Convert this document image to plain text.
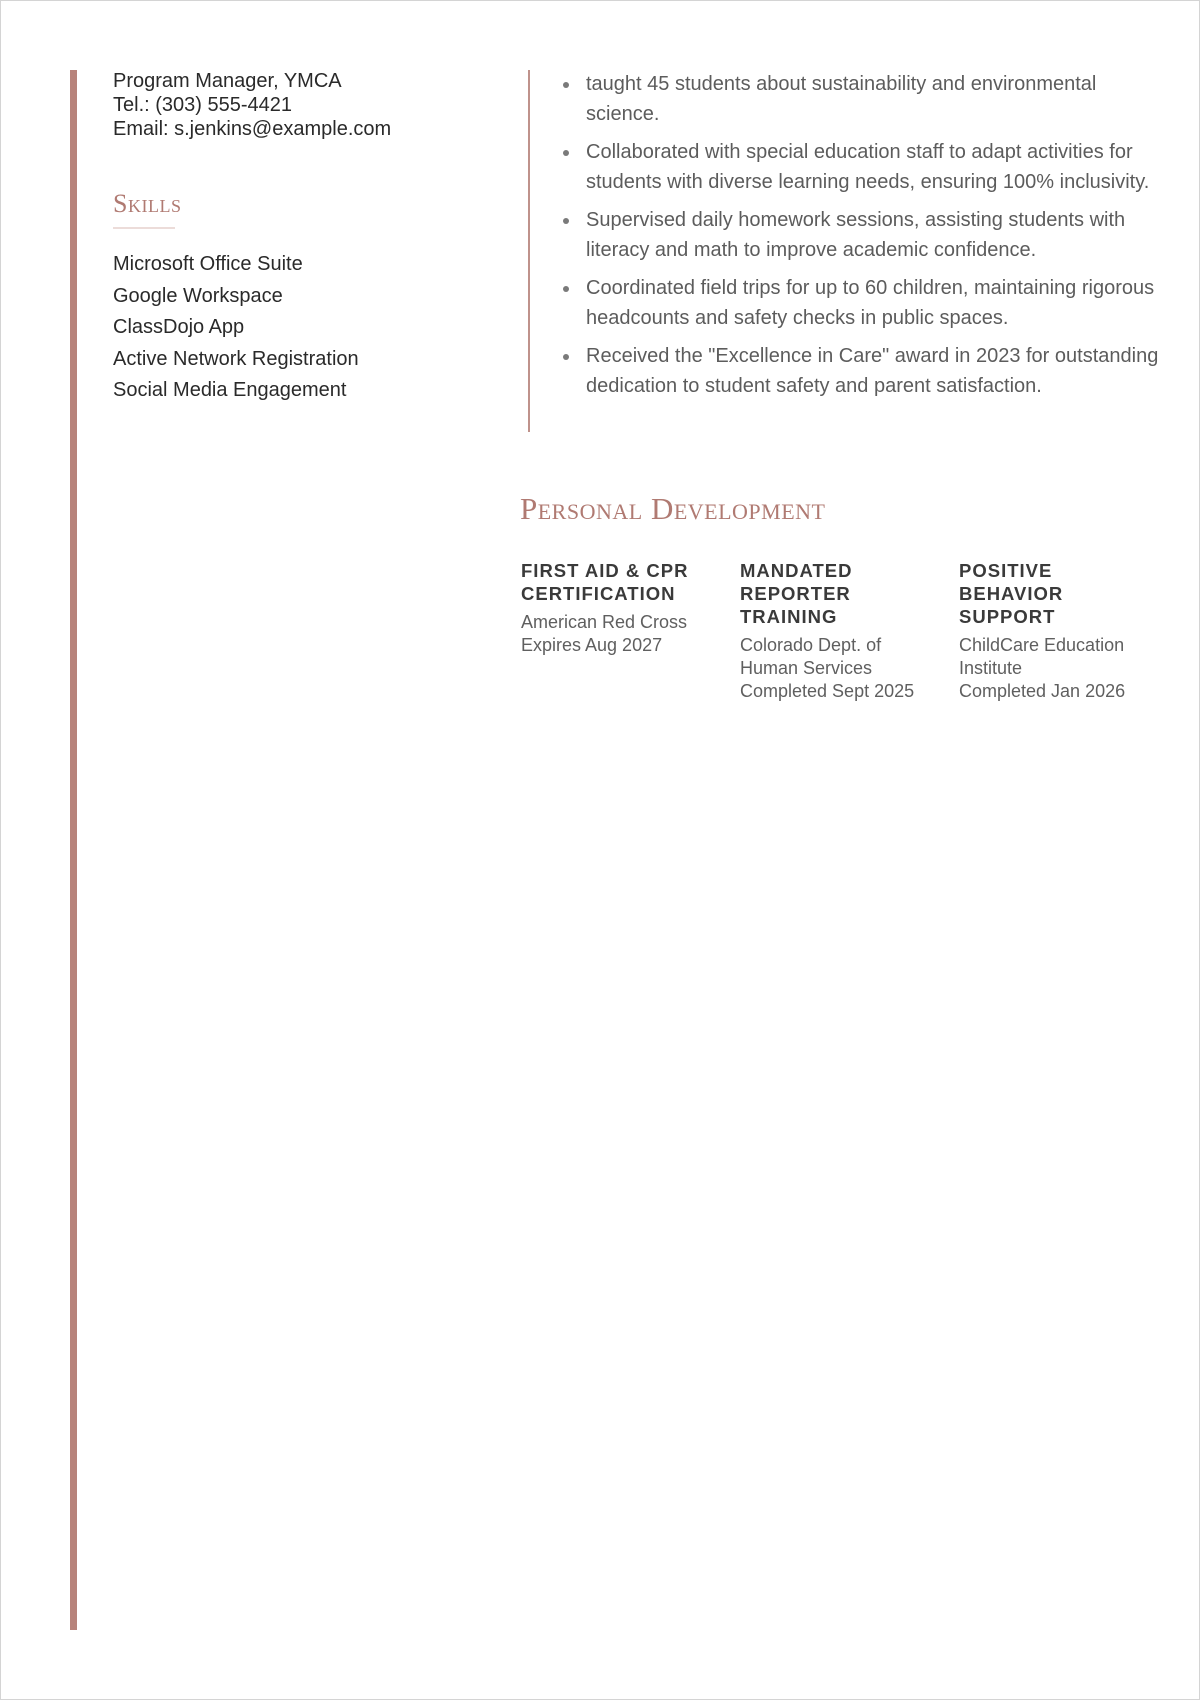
Program Manager, YMCA
Tel.: (303) 555-4421
Email: s.jenkins@example.com
Skills
Microsoft Office Suite
Google Workspace
ClassDojo App
Active Network Registration
Social Media Engagement
taught 45 students about sustainability and environmental science.
Collaborated with special education staff to adapt activities for students with diverse learning needs, ensuring 100% inclusivity.
Supervised daily homework sessions, assisting students with literacy and math to improve academic confidence.
Coordinated field trips for up to 60 children, maintaining rigorous headcounts and safety checks in public spaces.
Received the "Excellence in Care" award in 2023 for outstanding dedication to student safety and parent satisfaction.
Personal Development
FIRST AID & CPR
CERTIFICATION
American Red Cross
Expires Aug 2027
MANDATED
REPORTER
TRAINING
Colorado Dept. of
Human Services
Completed Sept 2025
POSITIVE
BEHAVIOR
SUPPORT
ChildCare Education
Institute
Completed Jan 2026
